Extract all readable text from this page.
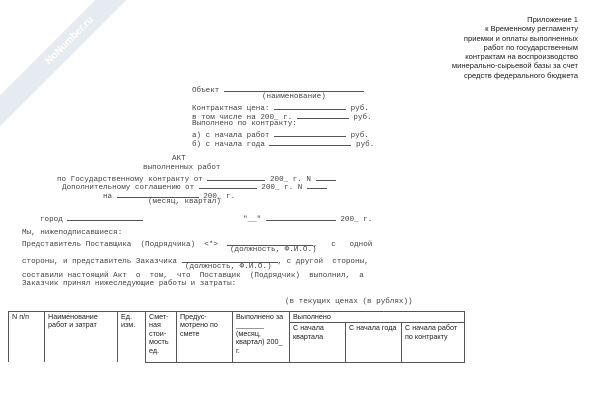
NoNumber.ru	Приложение 1
к Временному регламенту
приемки и оплаты выполненных
работ по государственным
контрактам на воспроизводство
минерально-сырьевой базы за счет
средств федерального бюджета
Объект
(наименование)
Контрактная цена:	руб.
в том числе на 200_ г.	руб.
Выполнено по контракту:
а) с начала работ	руб.
б) с начала года	руб.
АКТ
выполненных работ
по Государственному контракту от	200_ г. N
Дополнительному соглашению от	200_ г. N
на	200_ г.
(месяц, квартал)
город	"__"	200_ г.
Мы, нижеподписавшиеся:
Представитель Поставщика  (Подрядчика)  <*>	,   с   одной
(должность, Ф.И.О.)
стороны, и представитель Заказчика	, с другой  стороны,
(должность, Ф.И.О.)
составили настоящий Акт  о  том,  что  Поставщик  (Подрядчик)  выполнил,  а
Заказчик принял нижеследующие работы и затраты:
(в текущих ценах (в рублях))
N п/п	Наименование работ и затрат	Ед. изм.	Смет-ная стои-мость ед.	Предус-мотрено по смете	Выполнено за _______ (месяц, квартал) 200_ г.	Выполнено		
						С начала квартала	С начала года	С начала работ по контракту
